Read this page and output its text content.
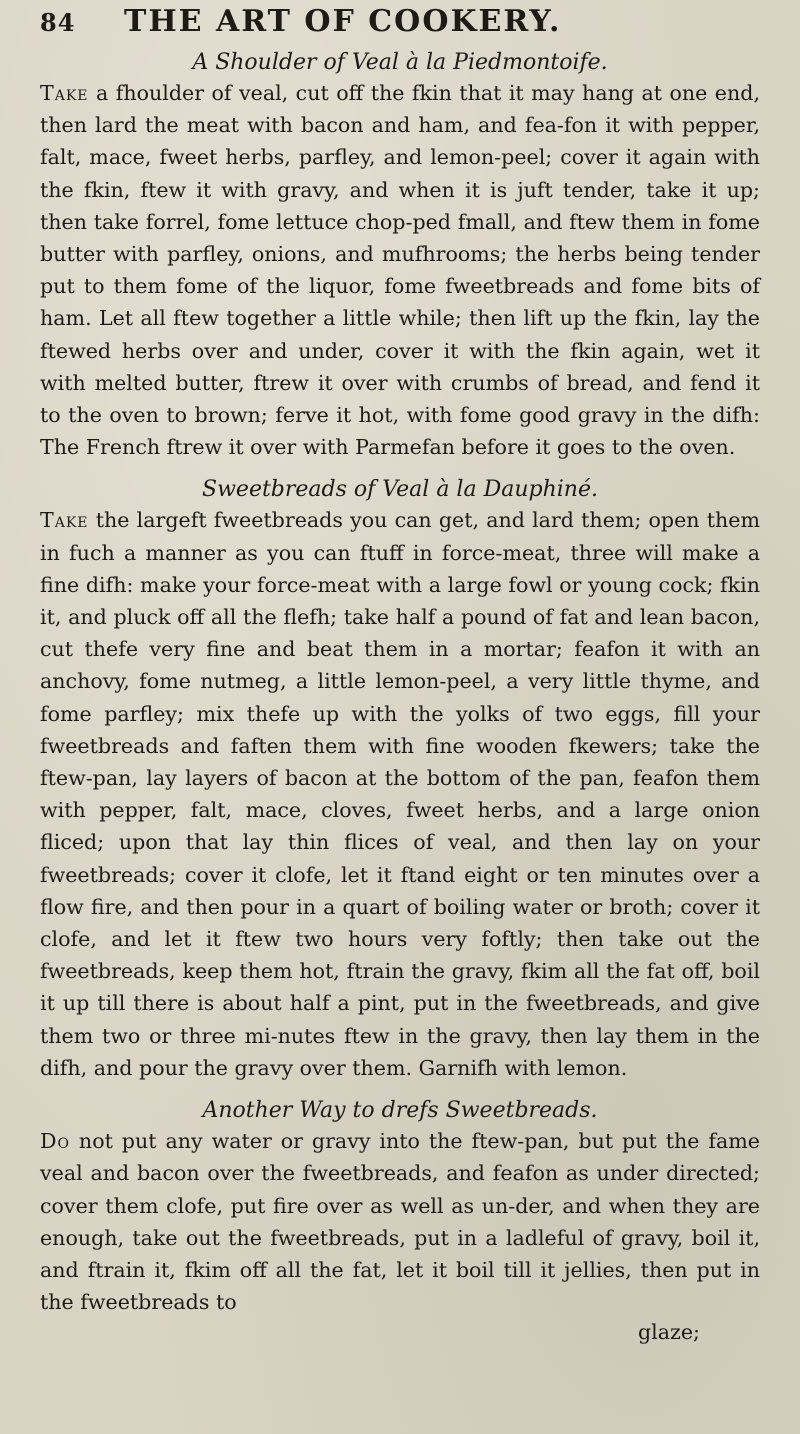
84	THE ART OF COOKERY.
A Shoulder of Veal à la Piedmontoife.

Take a fhoulder of veal, cut off the fkin that it may hang at one end, then lard the meat with bacon and ham, and fea-fon it with pepper, falt, mace, fweet herbs, parfley, and lemon-peel; cover it again with the fkin, ftew it with gravy, and when it is juft tender, take it up; then take forrel, fome lettuce chop-ped fmall, and ftew them in fome butter with parfley, onions, and mufhrooms; the herbs being tender put to them fome of the liquor, fome fweetbreads and fome bits of ham. Let all ftew together a little while; then lift up the fkin, lay the ftewed herbs over and under, cover it with the fkin again, wet it with melted butter, ftrew it over with crumbs of bread, and fend it to the oven to brown; ferve it hot, with fome good gravy in the difh: The French ftrew it over with Parmefan before it goes to the oven.

Sweetbreads of Veal à la Dauphiné.

Take the largeft fweetbreads you can get, and lard them; open them in fuch a manner as you can ftuff in force-meat, three will make a fine difh: make your force-meat with a large fowl or young cock; fkin it, and pluck off all the flefh; take half a pound of fat and lean bacon, cut thefe very fine and beat them in a mortar; feafon it with an anchovy, fome nutmeg, a little lemon-peel, a very little thyme, and fome parfley; mix thefe up with the yolks of two eggs, fill your fweetbreads and faften them with fine wooden fkewers; take the ftew-pan, lay layers of bacon at the bottom of the pan, feafon them with pepper, falt, mace, cloves, fweet herbs, and a large onion fliced; upon that lay thin flices of veal, and then lay on your fweetbreads; cover it clofe, let it ftand eight or ten minutes over a flow fire, and then pour in a quart of boiling water or broth; cover it clofe, and let it ftew two hours very foftly; then take out the fweetbreads, keep them hot, ftrain the gravy, fkim all the fat off, boil it up till there is about half a pint, put in the fweetbreads, and give them two or three mi-nutes ftew in the gravy, then lay them in the difh, and pour the gravy over them. Garnifh with lemon.

Another Way to drefs Sweetbreads.

Do not put any water or gravy into the ftew-pan, but put the fame veal and bacon over the fweetbreads, and feafon as under directed; cover them clofe, put fire over as well as un-der, and when they are enough, take out the fweetbreads, put in a ladleful of gravy, boil it, and ftrain it, fkim off all the fat, let it boil till it jellies, then put in the fweetbreads to

glaze;
